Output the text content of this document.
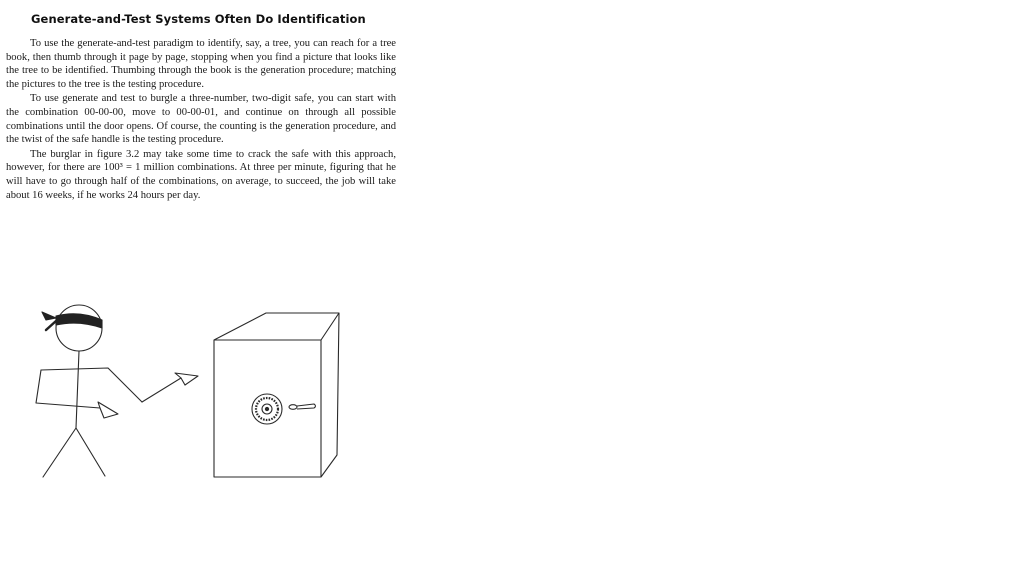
Generate-and-Test Systems Often Do Identification

To use the generate-and-test paradigm to identify, say, a tree, you can reach for a tree book, then thumb through it page by page, stopping when you find a picture that looks like the tree to be identified. Thumbing through the book is the generation procedure; matching the pictures to the tree is the testing procedure.

To use generate and test to burgle a three-number, two-digit safe, you can start with the combination 00-00-00, move to 00-00-01, and continue on through all possible combinations until the door opens. Of course, the counting is the generation procedure, and the twist of the safe handle is the testing procedure.

The burglar in figure 3.2 may take some time to crack the safe with this approach, however, for there are 100³ = 1 million combinations. At three per minute, figuring that he will have to go through half of the combinations, on average, to succeed, the job will take about 16 weeks, if he works 24 hours per day.
